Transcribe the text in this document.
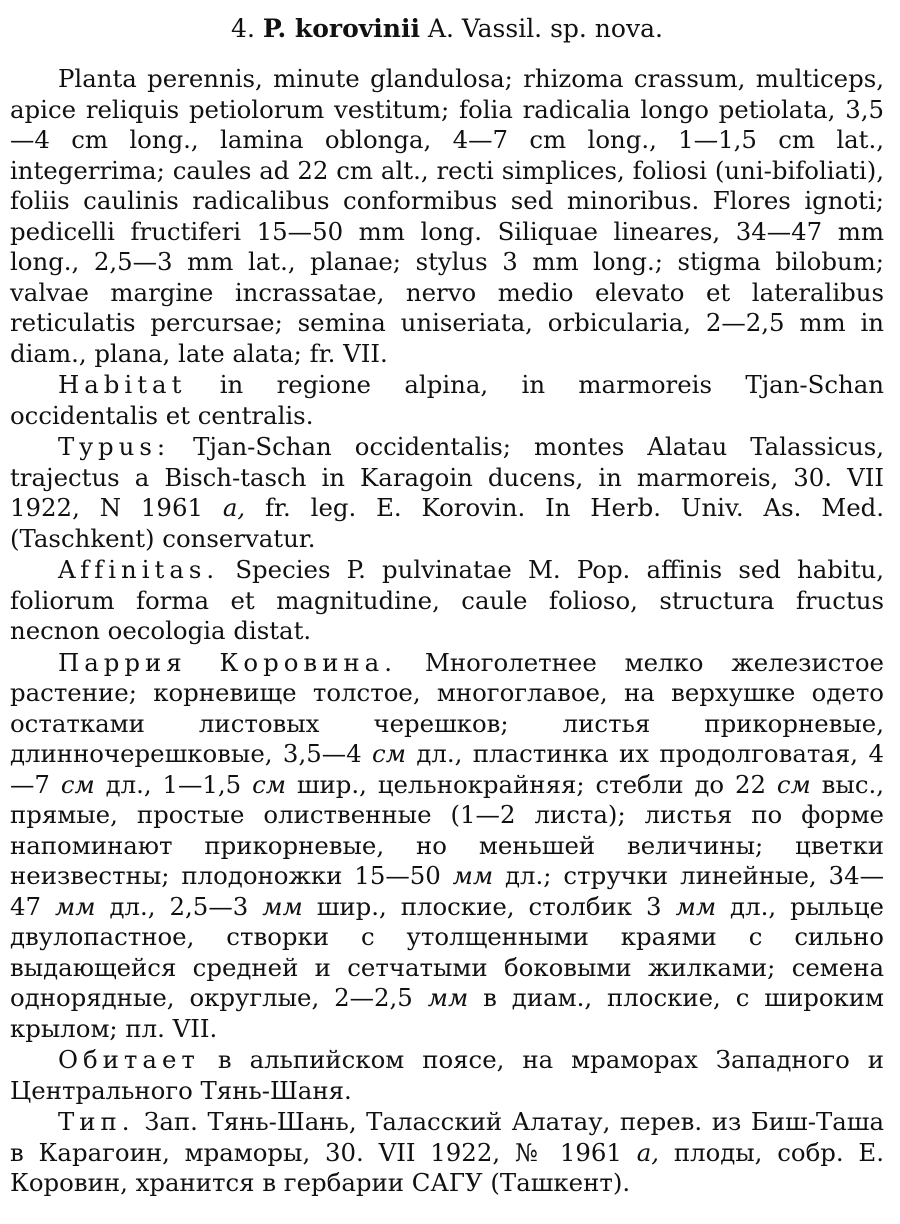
4. P. korovinii A. Vassil. sp. nova.

Planta perennis, minute glandulosa; rhizoma crassum, multiceps, apice reliquis petiolorum vestitum; folia radicalia longo petiolata, 3,5—4 cm long., lamina oblonga, 4—7 cm long., 1—1,5 cm lat., integerrima; caules ad 22 cm alt., recti simplices, foliosi (uni-bifoliati), foliis caulinis radicalibus conformibus sed minoribus. Flores ignoti; pedicelli fructiferi 15—50 mm long. Siliquae lineares, 34—47 mm long., 2,5—3 mm lat., planae; stylus 3 mm long.; stigma bilobum; valvae margine incrassatae, nervo medio elevato et lateralibus reticulatis percursae; semina uniseriata, orbicularia, 2—2,5 mm in diam., plana, late alata; fr. VII.

Habitat in regione alpina, in marmoreis Tjan-Schan occidentalis et centralis.

Typus: Tjan-Schan occidentalis; montes Alatau Talassicus, trajectus a Bisch-tasch in Karagoin ducens, in marmoreis, 30. VII 1922, N 1961 a, fr. leg. E. Korovin. In Herb. Univ. As. Med. (Taschkent) conservatur.

Affinitas. Species P. pulvinatae M. Pop. affinis sed habitu, foliorum forma et magnitudine, caule folioso, structura fructus necnon oecologia distat.

Паррия Коровина. Многолетнее мелко железистое растение; корневище толстое, многоглавое, на верхушке одето остатками листовых черешков; листья прикорневые, длинночерешковые, 3,5—4 см дл., пластинка их продолговатая, 4—7 см дл., 1—1,5 см шир., цельнокрайняя; стебли до 22 см выс., прямые, простые олиственные (1—2 листа); листья по форме напоминают прикорневые, но меньшей величины; цветки неизвестны; плодоножки 15—50 мм дл.; стручки линейные, 34—47 мм дл., 2,5—3 мм шир., плоские, столбик 3 мм дл., рыльце двулопастное, створки с утолщенными краями с сильно выдающейся средней и сетчатыми боковыми жилками; семена однорядные, округлые, 2—2,5 мм в диам., плоские, с широким крылом; пл. VII.

Обитает в альпийском поясе, на мраморах Западного и Центрального Тянь-Шаня.

Тип. Зап. Тянь-Шань, Таласский Алатау, перев. из Биш-Таша в Карагоин, мраморы, 30. VII 1922, № 1961 а, плоды, собр. Е. Коровин, хранится в гербарии САГУ (Ташкент).
